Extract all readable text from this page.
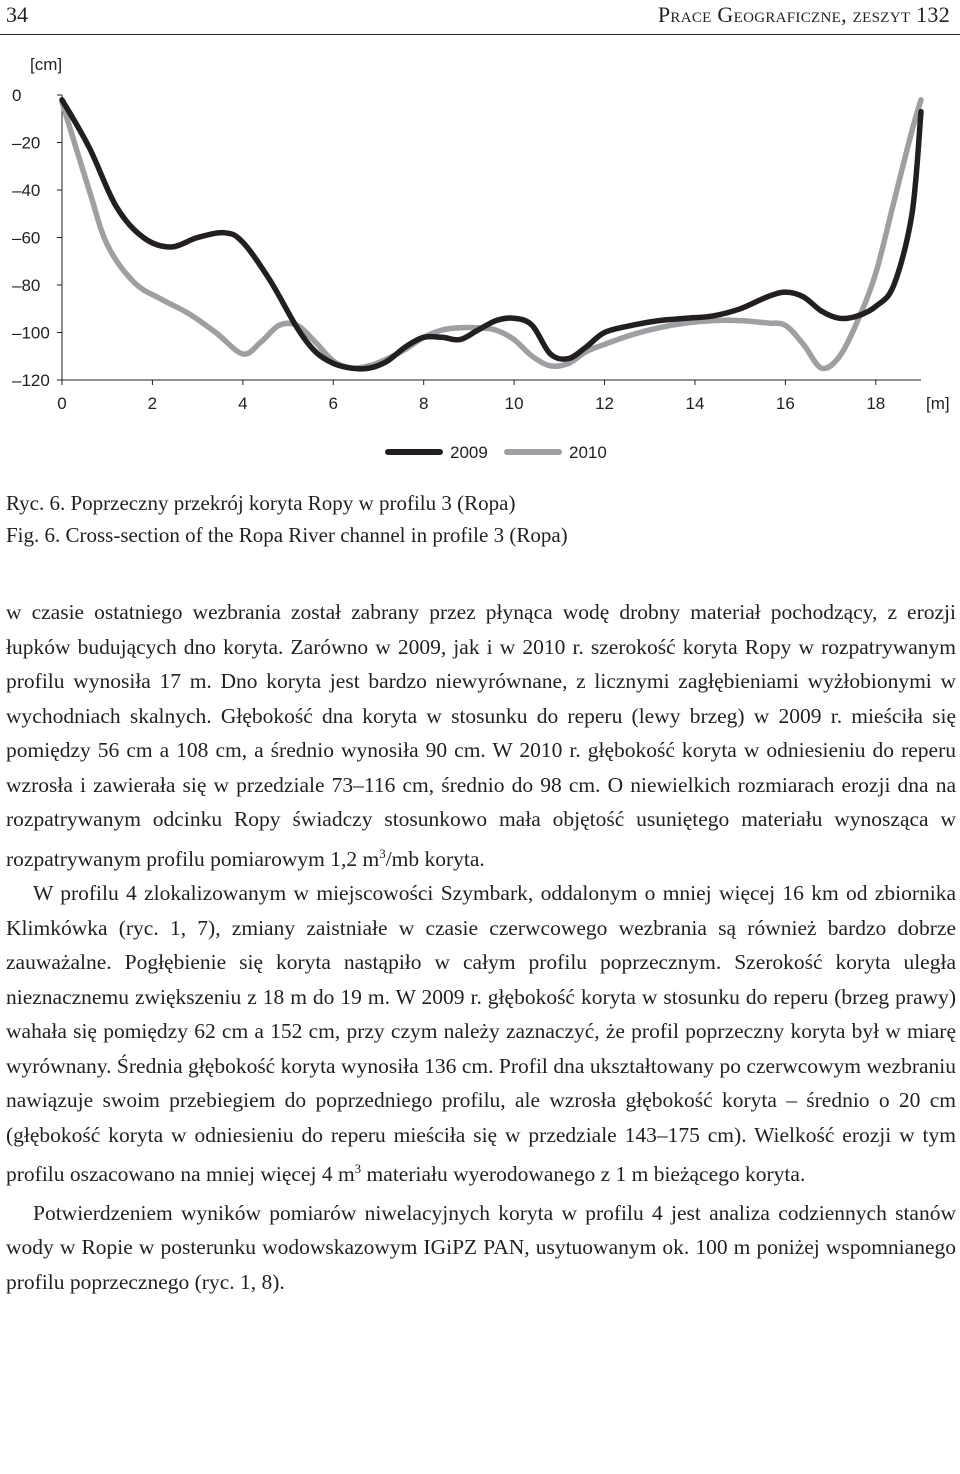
34	Prace Geograficzne, zeszyt 132
0
–20
–40
–60
–80
–100
–120
0	2	4	6	8	10	12	14	16	18
[cm]
[m]
2009	2010
Ryc. 6. Poprzeczny przekrój koryta Ropy w profilu 3 (Ropa)
Fig. 6. Cross-section of the Ropa River channel in profile 3 (Ropa)

w czasie ostatniego wezbrania został zabrany przez płynąca wodę drobny materiał pochodzący, z erozji łupków budujących dno koryta. Zarówno w 2009, jak i w 2010 r. szerokość koryta Ropy w rozpatrywanym profilu wynosiła 17 m. Dno koryta jest bardzo niewyrównane, z licznymi zagłębieniami wyżłobionymi w wychodniach skalnych. Głębokość dna koryta w stosunku do reperu (lewy brzeg) w 2009 r. mieściła się pomiędzy 56 cm a 108 cm, a średnio wynosiła 90 cm. W 2010 r. głębokość koryta w odniesieniu do reperu wzrosła i zawierała się w przedziale 73–116 cm, średnio do 98 cm. O niewielkich rozmiarach erozji dna na rozpatrywanym odcinku Ropy świadczy stosunkowo mała objętość usuniętego materiału wynosząca w rozpatrywanym profilu pomiarowym 1,2 $m^3/mb$ koryta.

W profilu 4 zlokalizowanym w miejscowości Szymbark, oddalonym o mniej więcej 16 km od zbiornika Klimkówka (ryc. 1, 7), zmiany zaistniałe w czasie czerwcowego wezbrania są również bardzo dobrze zauważalne. Pogłębienie się koryta nastąpiło w całym profilu poprzecznym. Szerokość koryta uległa nieznacznemu zwiększeniu z 18 m do 19 m. W 2009 r. głębokość koryta w stosunku do reperu (brzeg prawy) wahała się pomiędzy 62 cm a 152 cm, przy czym należy zaznaczyć, że profil poprzeczny koryta był w miarę wyrównany. Średnia głębokość koryta wynosiła 136 cm. Profil dna ukształtowany po czerwcowym wezbraniu nawiązuje swoim przebiegiem do poprzedniego profilu, ale wzrosła głębokość koryta – średnio o 20 cm (głębokość koryta w odniesieniu do reperu mieściła się w przedziale 143–175 cm). Wielkość erozji w tym profilu oszacowano na mniej więcej 4 $m^3$ materiału wyerodowanego z 1 m bieżącego koryta.

Potwierdzeniem wyników pomiarów niwelacyjnych koryta w profilu 4 jest analiza codziennych stanów wody w Ropie w posterunku wodowskazowym IGiPZ PAN, usytuowanym ok. 100 m poniżej wspomnianego profilu poprzecznego (ryc. 1, 8).
